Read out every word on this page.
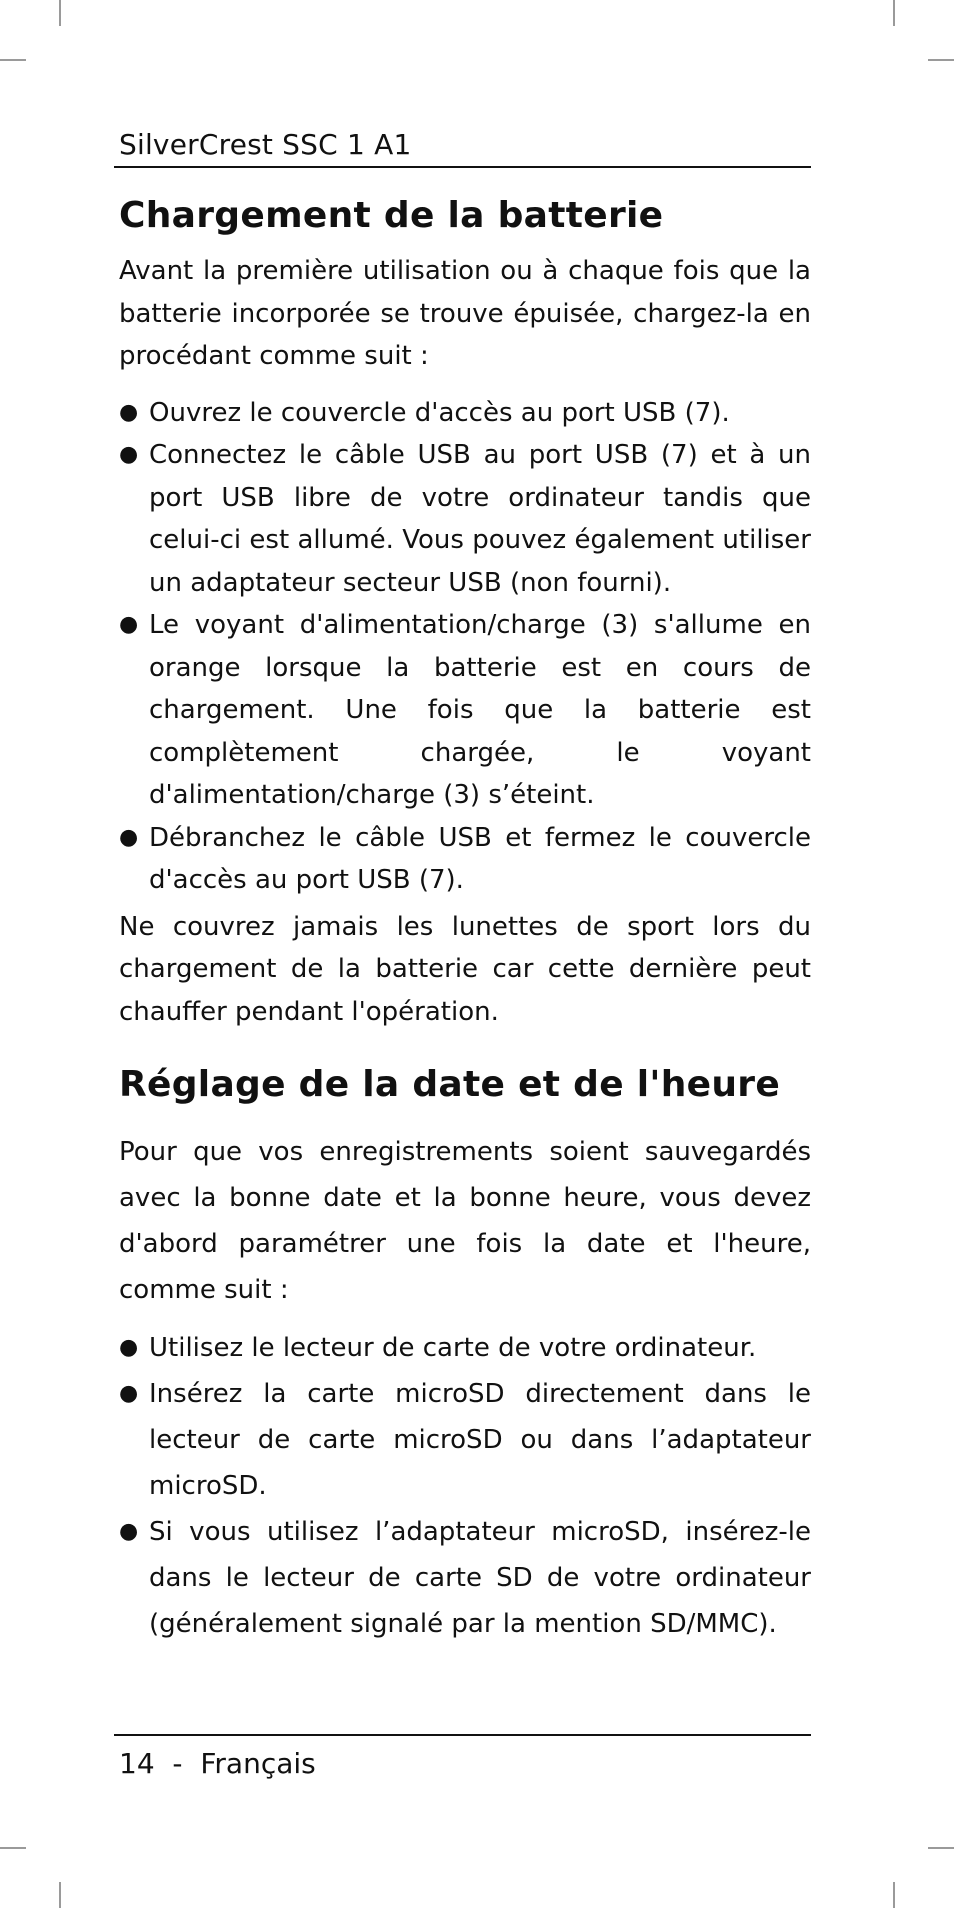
SilverCrest SSC 1 A1
Chargement de la batterie

Avant la première utilisation ou à chaque fois que la batterie incorporée se trouve épuisée, chargez-la en procédant comme suit :

● Ouvrez le couvercle d'accès au port USB (7).
● Connectez le câble USB au port USB (7) et à un port USB libre de votre ordinateur tandis que celui-ci est allumé. Vous pouvez également utiliser un adaptateur secteur USB (non fourni).
● Le voyant d'alimentation/charge (3) s'allume en orange lorsque la batterie est en cours de chargement. Une fois que la batterie est complètement chargée, le voyant d'alimentation/charge (3) s’éteint.
● Débranchez le câble USB et fermez le couvercle d'accès au port USB (7).

Ne couvrez jamais les lunettes de sport lors du chargement de la batterie car cette dernière peut chauffer pendant l'opération.

Réglage de la date et de l'heure

Pour que vos enregistrements soient sauvegardés avec la bonne date et la bonne heure, vous devez d'abord paramétrer une fois la date et l'heure, comme suit :

● Utilisez le lecteur de carte de votre ordinateur.
● Insérez la carte microSD directement dans le lecteur de carte microSD ou dans l’adaptateur microSD.
● Si vous utilisez l’adaptateur microSD, insérez-le dans le lecteur de carte SD de votre ordinateur (généralement signalé par la mention SD/MMC).
14  -  Français
